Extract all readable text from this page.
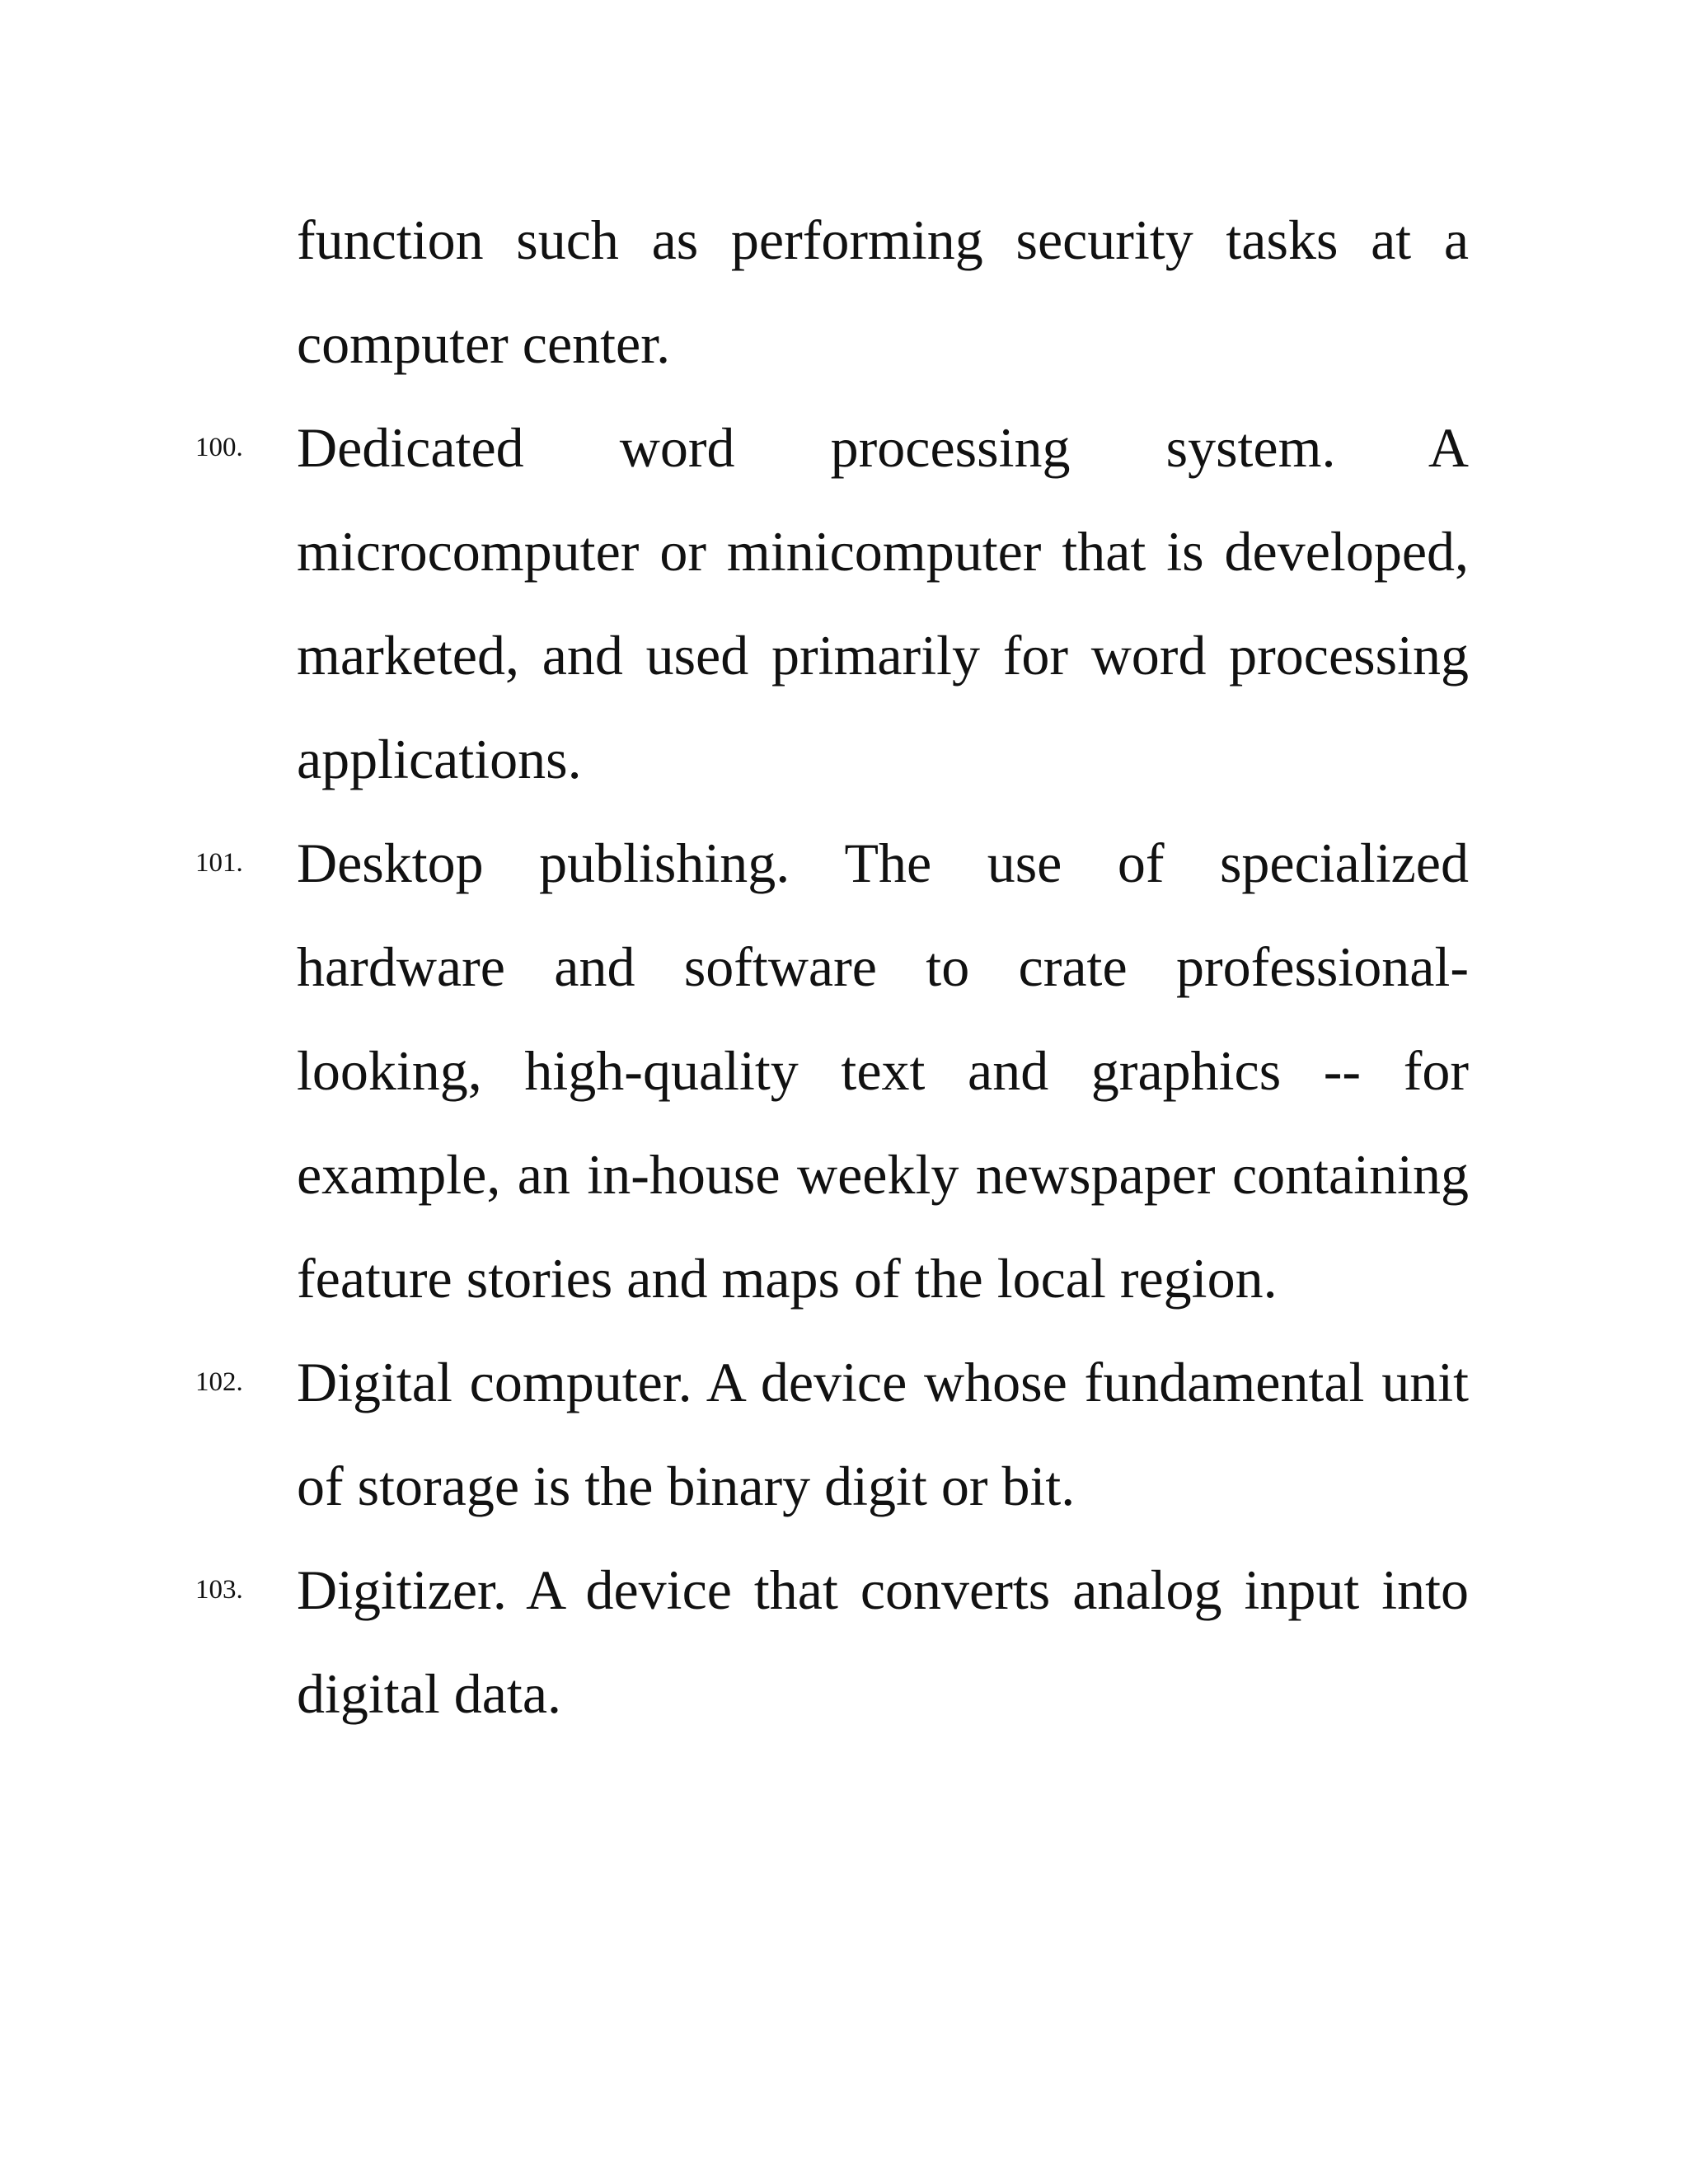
function such as performing security tasks at a computer center.

100. Dedicated word processing system. A microcomputer or minicomputer that is developed, marketed, and used primarily for word processing applications.

101. Desktop publishing. The use of specialized hardware and software to crate professional-looking, high-quality text and graphics -- for example, an in-house weekly newspaper containing feature stories and maps of the local region.

102. Digital computer. A device whose fundamental unit of storage is the binary digit or bit.

103. Digitizer. A device that converts analog input into digital data.
